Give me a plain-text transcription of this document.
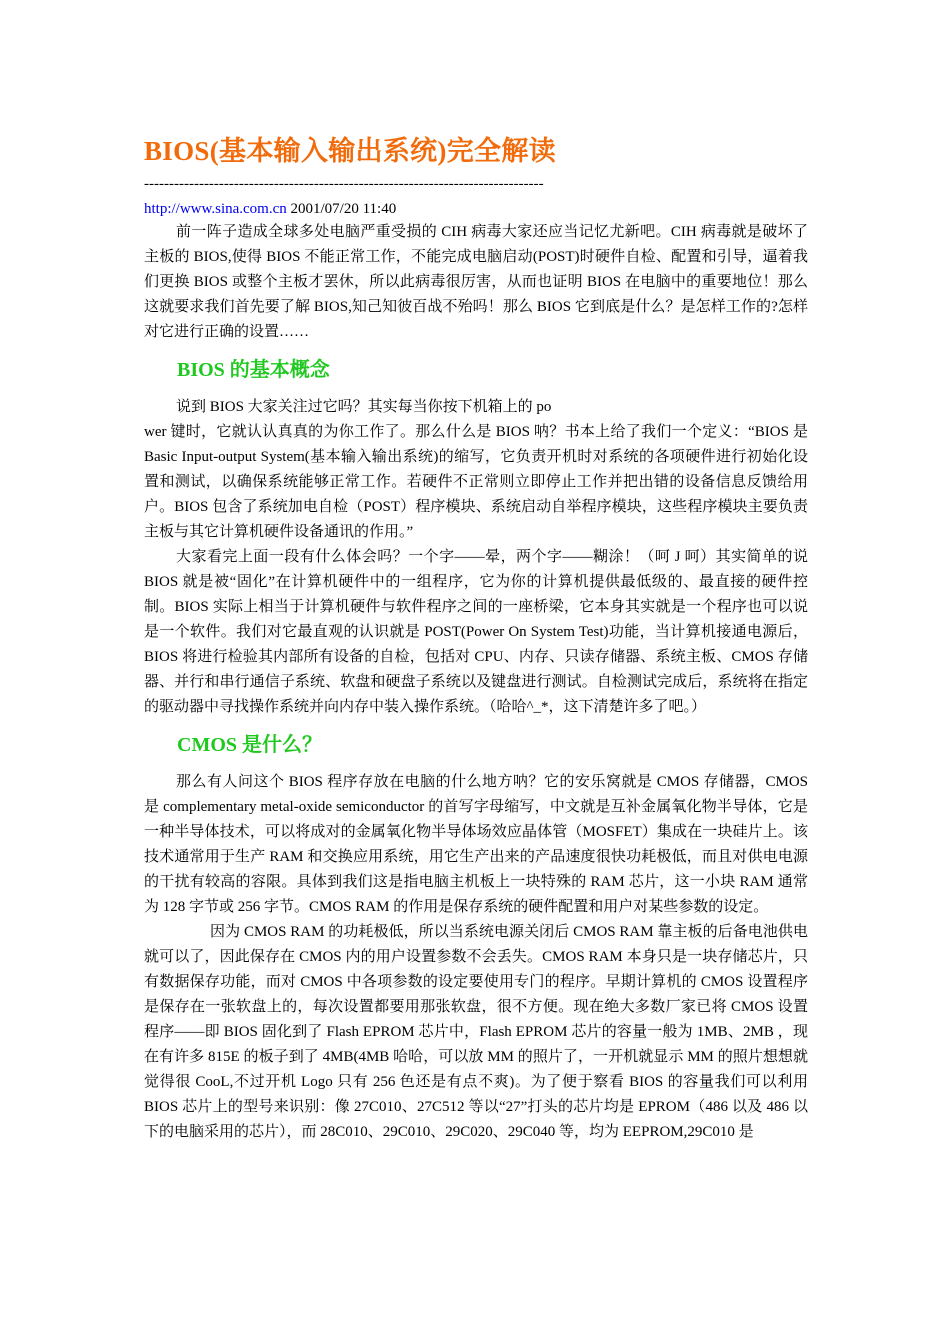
BIOS(基本输入输出系统)完全解读
--------------------------------------------------------------------------------
http://www.sina.com.cn 2001/07/20 11:40

前一阵子造成全球多处电脑严重受损的 CIH 病毒大家还应当记忆尤新吧。CIH 病毒就是破坏了主板的 BIOS,使得 BIOS 不能正常工作，不能完成电脑启动(POST)时硬件自检、配置和引导，逼着我们更换 BIOS 或整个主板才罢休，所以此病毒很厉害，从而也证明 BIOS 在电脑中的重要地位！那么这就要求我们首先要了解 BIOS,知己知彼百战不殆吗！那么 BIOS 它到底是什么？是怎样工作的?怎样对它进行正确的设置……

BIOS 的基本概念

说到 BIOS 大家关注过它吗？其实每当你按下机箱上的 po

wer 键时，它就认认真真的为你工作了。那么什么是 BIOS 呐？书本上给了我们一个定义：“BIOS 是 Basic Input-output System(基本输入输出系统)的缩写，它负责开机时对系统的各项硬件进行初始化设置和测试，以确保系统能够正常工作。若硬件不正常则立即停止工作并把出错的设备信息反馈给用户。BIOS 包含了系统加电自检（POST）程序模块、系统启动自举程序模块，这些程序模块主要负责主板与其它计算机硬件设备通讯的作用。”

大家看完上面一段有什么体会吗？一个字——晕，两个字——糊涂！（呵 J 呵）其实简单的说 BIOS 就是被“固化”在计算机硬件中的一组程序，它为你的计算机提供最低级的、最直接的硬件控制。BIOS 实际上相当于计算机硬件与软件程序之间的一座桥梁，它本身其实就是一个程序也可以说是一个软件。我们对它最直观的认识就是 POST(Power On System Test)功能，当计算机接通电源后，BIOS 将进行检验其内部所有设备的自检，包括对 CPU、内存、只读存储器、系统主板、CMOS 存储器、并行和串行通信子系统、软盘和硬盘子系统以及键盘进行测试。自检测试完成后，系统将在指定的驱动器中寻找操作系统并向内存中装入操作系统。（哈哈^_*，这下清楚许多了吧。）

CMOS 是什么？

那么有人问这个 BIOS 程序存放在电脑的什么地方呐？它的安乐窝就是 CMOS 存储器，CMOS 是 complementary metal-oxide semiconductor 的首写字母缩写，中文就是互补金属氧化物半导体，它是一种半导体技术，可以将成对的金属氧化物半导体场效应晶体管（MOSFET）集成在一块硅片上。该技术通常用于生产 RAM 和交换应用系统，用它生产出来的产品速度很快功耗极低，而且对供电电源的干扰有较高的容限。具体到我们这是指电脑主机板上一块特殊的 RAM 芯片，这一小块 RAM 通常为 128 字节或 256 字节。CMOS RAM 的作用是保存系统的硬件配置和用户对某些参数的设定。

因为 CMOS RAM 的功耗极低，所以当系统电源关闭后 CMOS RAM 靠主板的后备电池供电就可以了，因此保存在 CMOS 内的用户设置参数不会丢失。CMOS RAM 本身只是一块存储芯片，只有数据保存功能，而对 CMOS 中各项参数的设定要使用专门的程序。早期计算机的 CMOS 设置程序是保存在一张软盘上的，每次设置都要用那张软盘，很不方便。现在绝大多数厂家已将 CMOS 设置程序——即 BIOS 固化到了 Flash EPROM 芯片中，Flash EPROM 芯片的容量一般为 1MB、2MB ，现在有许多 815E 的板子到了 4MB(4MB 哈哈，可以放 MM 的照片了，一开机就显示 MM 的照片想想就觉得很 CooL,不过开机 Logo 只有 256 色还是有点不爽)。为了便于察看 BIOS 的容量我们可以利用 BIOS 芯片上的型号来识别：像 27C010、27C512 等以“27”打头的芯片均是 EPROM（486 以及 486 以下的电脑采用的芯片），而 28C010、29C010、29C020、29C040 等，均为 EEPROM,29C010 是
